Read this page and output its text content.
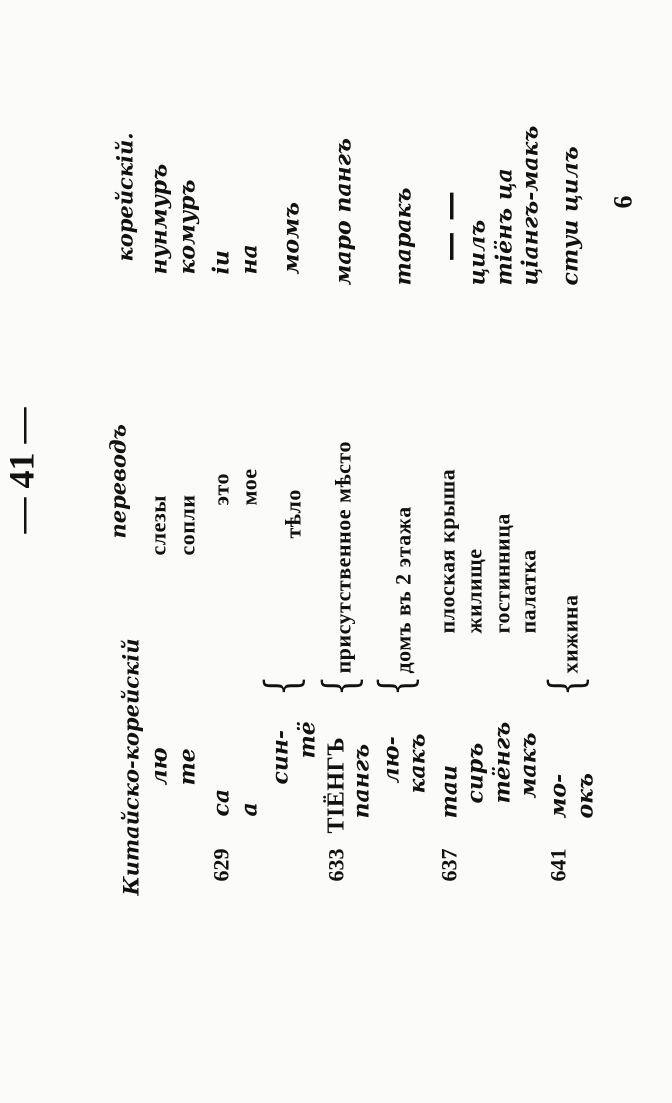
— 41 —
Китайско-корейскій
переводъ
корейскій.
лю
слезы
нунмуръ
те
сопли
комуръ
629
са
это
iu
а
мое
на
син- тё
{
тѣло
момъ
633
ТIЁНГЪ пангъ
{
присутственное мѣсто
маро пангъ
лю- какъ
{
домъ въ 2 этажа
таракъ
637
таи
плоская крыша
— —
сиръ
жилище
цилъ
тёнгъ
гостинница
тiёнъ ца
макъ
палатка
цiангъ-макъ
641
мо- окъ
{
хижина
стуи цилъ 6
